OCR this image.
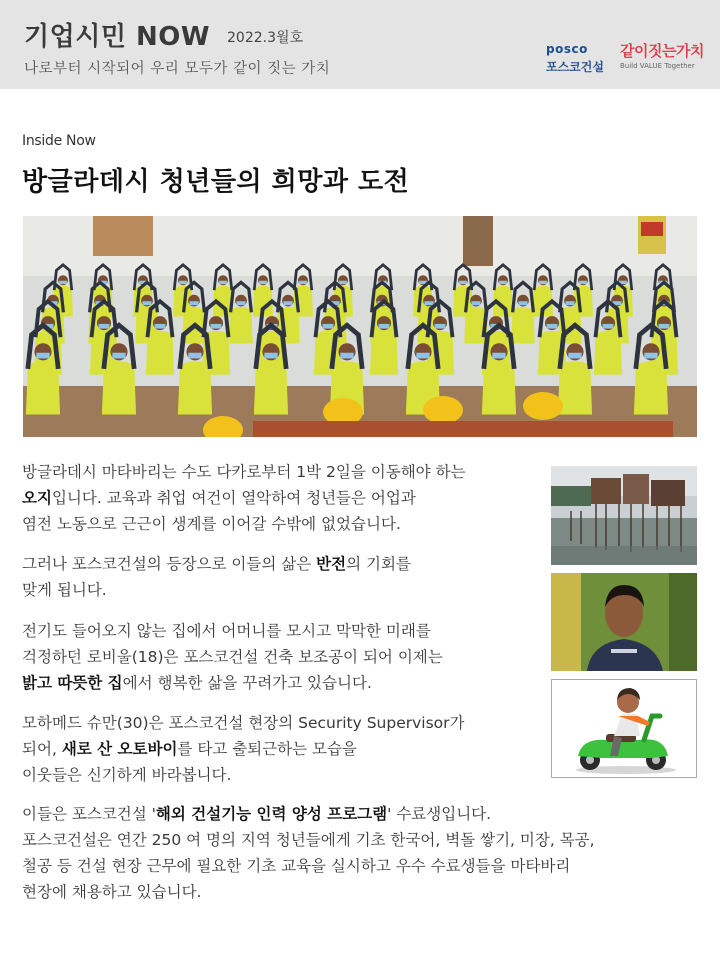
기업시민 NOW 2022.3월호
나로부터 시작되어 우리 모두가 같이 짓는 가치
posco
포스코건설
같이짓는가치
Build VALUE Together
Inside Now
방글라데시 청년들의 희망과 도전
방글라데시 마타바리는 수도 다카로부터 1박 2일을 이동해야 하는
오지입니다. 교육과 취업 여건이 열악하여 청년들은 어업과
염전 노동으로 근근이 생계를 이어갈 수밖에 없었습니다.
그러나 포스코건설의 등장으로 이들의 삶은 반전의 기회를
맞게 됩니다.
전기도 들어오지 않는 집에서 어머니를 모시고 막막한 미래를
걱정하던 로비울(18)은 포스코건설 건축 보조공이 되어 이제는
밝고 따뜻한 집에서 행복한 삶을 꾸려가고 있습니다.
모하메드 슈만(30)은 포스코건설 현장의 Security Supervisor가
되어, 새로 산 오토바이를 타고 출퇴근하는 모습을
이웃들은 신기하게 바라봅니다.
이들은 포스코건설 '해외 건설기능 인력 양성 프로그램' 수료생입니다.
포스코건설은 연간 250 여 명의 지역 청년들에게 기초 한국어, 벽돌 쌓기, 미장, 목공,
철공 등 건설 현장 근무에 필요한 기초 교육을 실시하고 우수 수료생들을 마타바리
현장에 채용하고 있습니다.
